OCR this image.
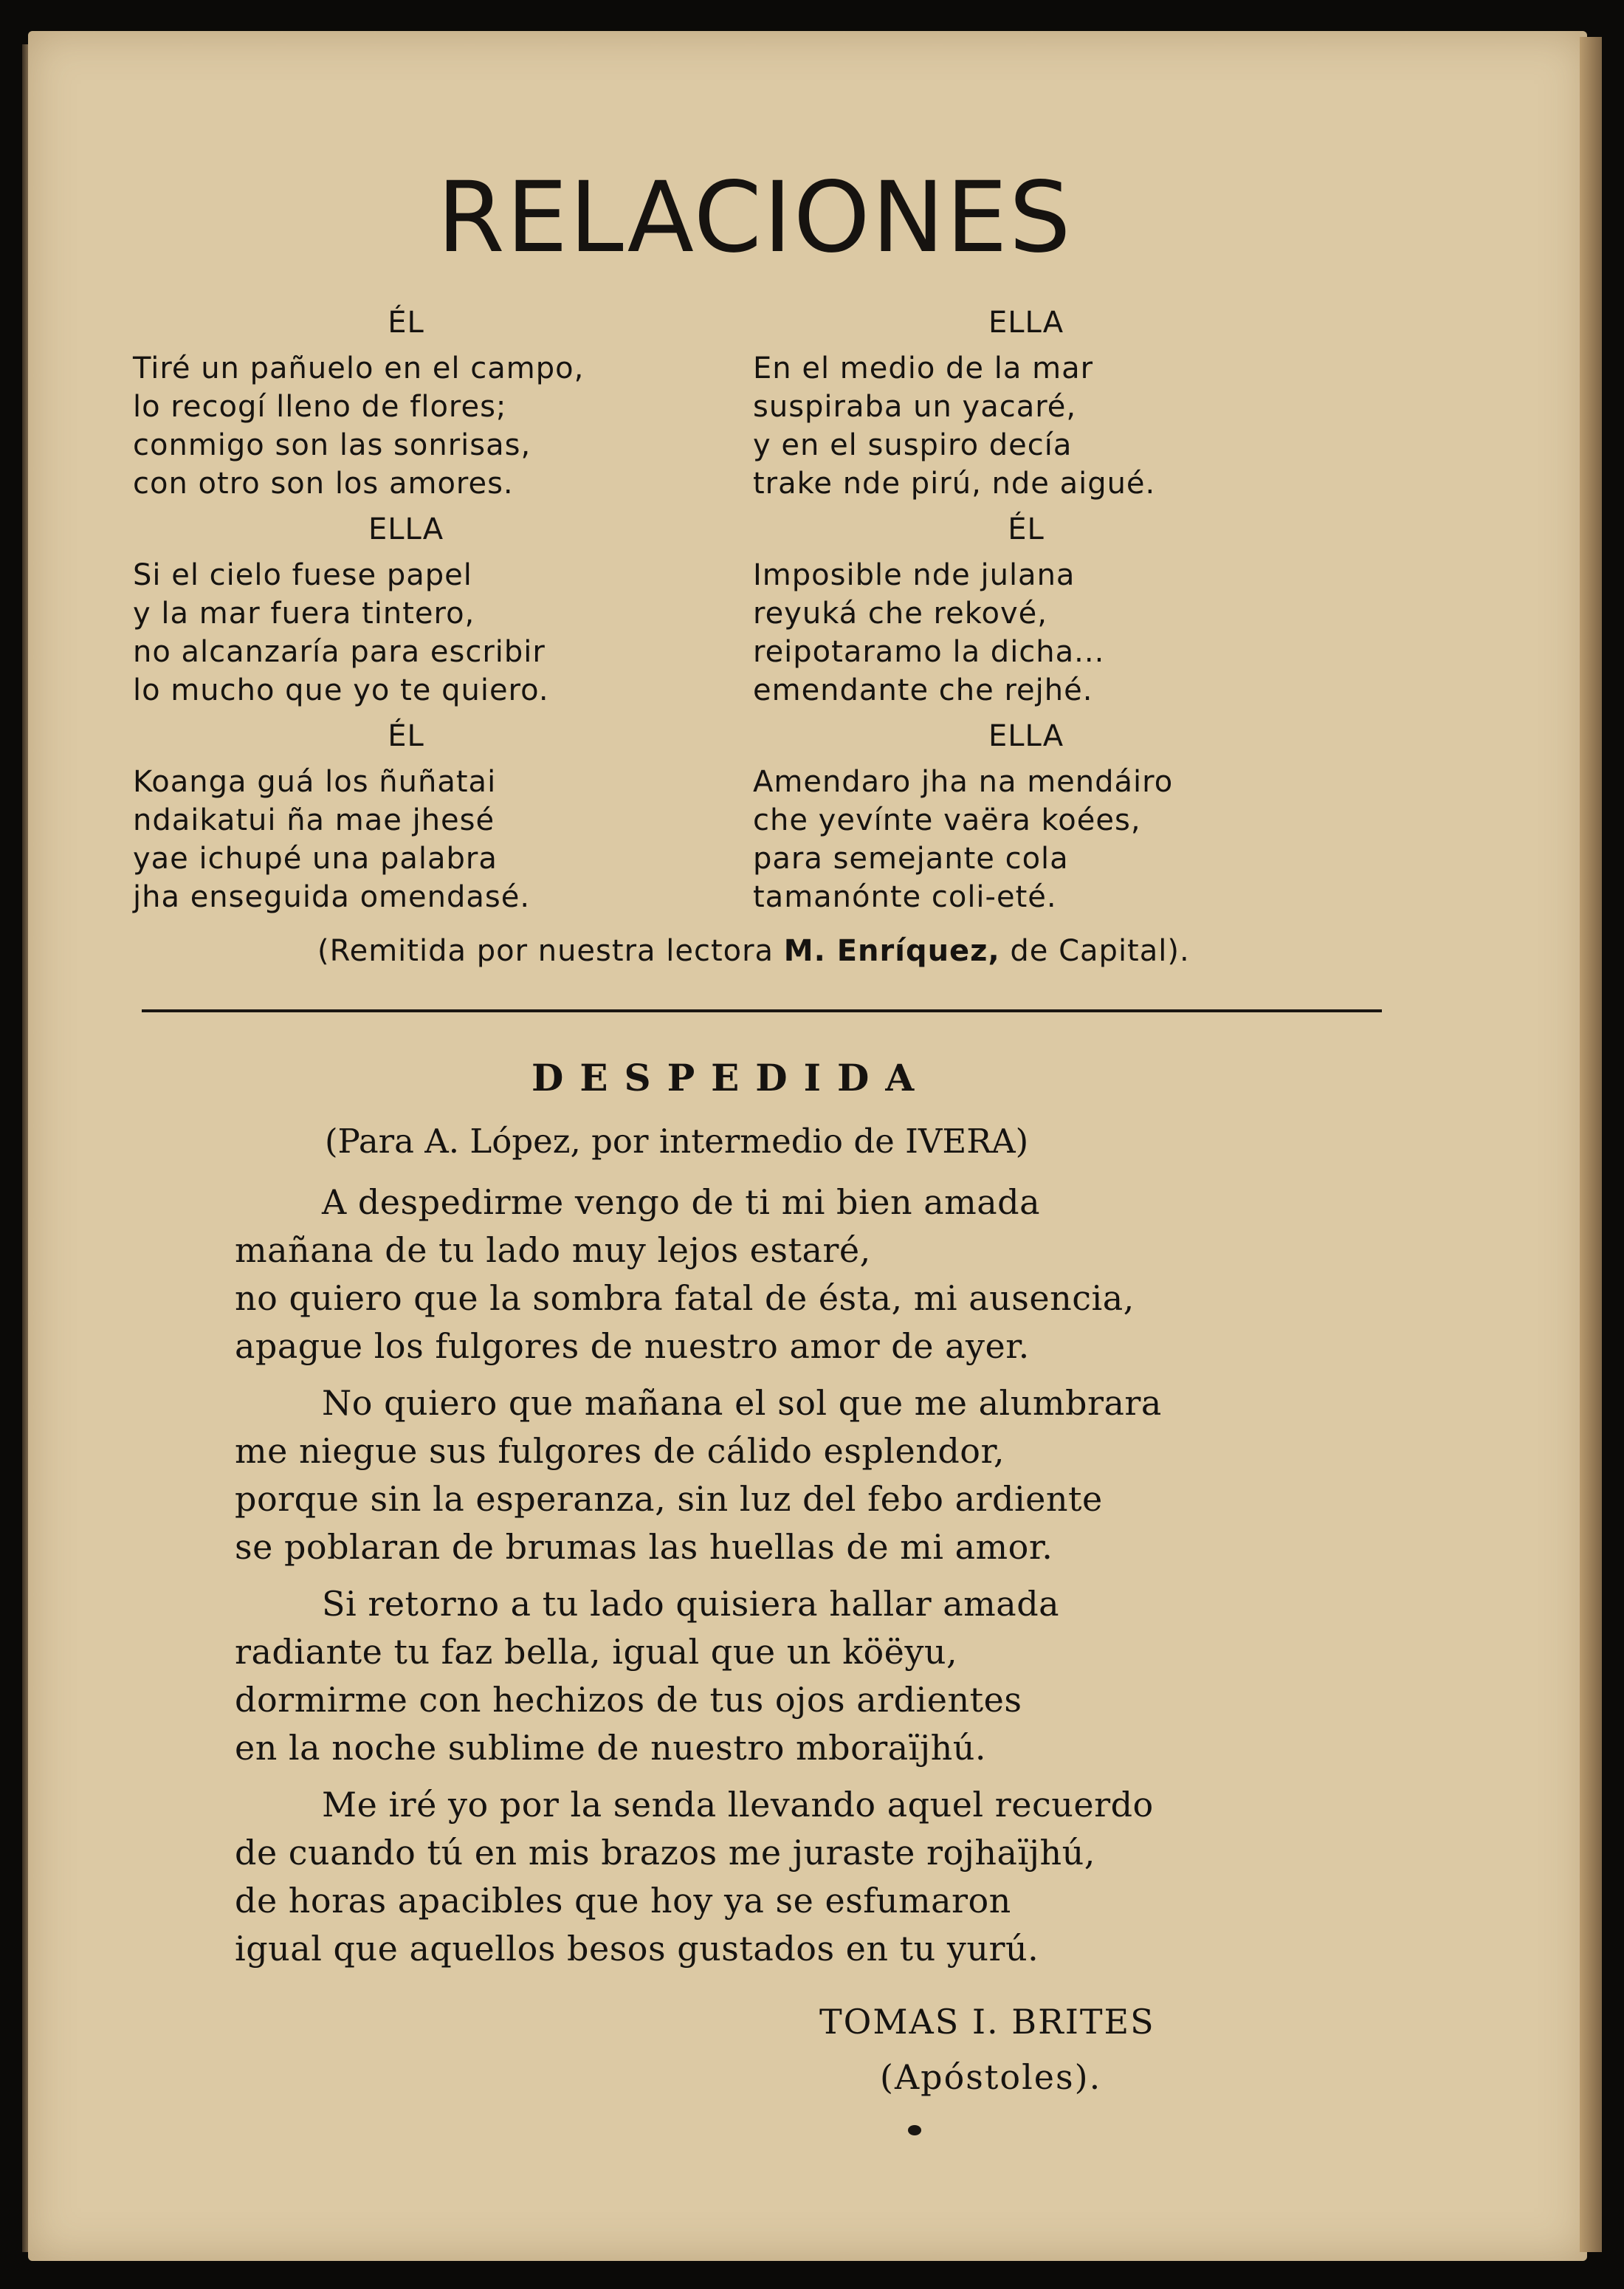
RELACIONES
ÉL
Tiré un pañuelo en el campo,
lo recogí lleno de flores;
conmigo son las sonrisas,
con otro son los amores.
ELLA
Si el cielo fuese papel
y la mar fuera tintero,
no alcanzaría para escribir
lo mucho que yo te quiero.
ÉL
Koanga guá los ñuñatai
ndaikatui ña mae jhesé
yae ichupé una palabra
jha enseguida omendasé.
ELLA
En el medio de la mar
suspiraba un yacaré,
y en el suspiro decía
trake nde pirú, nde aigué.
ÉL
Imposible nde julana
reyuká che rekové,
reipotaramo la dicha...
emendante che rejhé.
ELLA
Amendaro jha na mendáiro
che yevínte vaëra koées,
para semejante cola
tamanónte coli-eté.
(Remitida por nuestra lectora M. Enríquez, de Capital).
DESPEDIDA
(Para A. López, por intermedio de IVERA)
A despedirme vengo de ti mi bien amada
mañana de tu lado muy lejos estaré,
no quiero que la sombra fatal de ésta, mi ausencia,
apague los fulgores de nuestro amor de ayer.
No quiero que mañana el sol que me alumbrara
me niegue sus fulgores de cálido esplendor,
porque sin la esperanza, sin luz del febo ardiente
se poblaran de brumas las huellas de mi amor.
Si retorno a tu lado quisiera hallar amada
radiante tu faz bella, igual que un köëyu,
dormirme con hechizos de tus ojos ardientes
en la noche sublime de nuestro mboraïjhú.
Me iré yo por la senda llevando aquel recuerdo
de cuando tú en mis brazos me juraste rojhaïjhú,
de horas apacibles que hoy ya se esfumaron
igual que aquellos besos gustados en tu yurú.
TOMAS I. BRITES
(Apóstoles).
